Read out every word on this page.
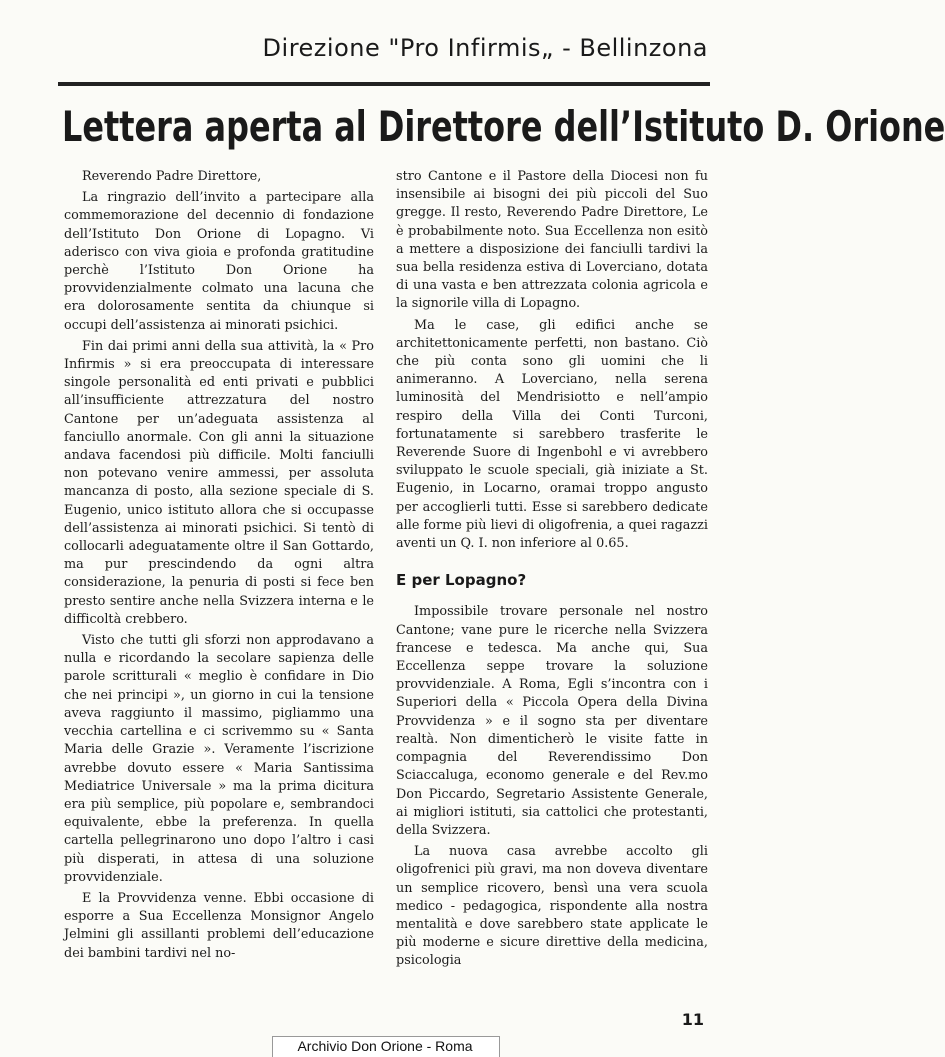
Direzione "Pro Infirmis„ - Bellinzona
Lettera aperta al Direttore dell’Istituto D. Orione

Reverendo Padre Direttore,

La ringrazio dell’invito a partecipare alla commemorazione del decennio di fondazione dell’Istituto Don Orione di Lopagno. Vi aderisco con viva gioia e profonda gratitudine perchè l’Istituto Don Orione ha provvidenzialmente colmato una lacuna che era dolorosamente sentita da chiunque si occupi dell’assistenza ai minorati psichici.

Fin dai primi anni della sua attività, la « Pro Infirmis » si era preoccupata di interessare singole personalità ed enti privati e pubblici all’insufficiente attrezzatura del nostro Cantone per un’adeguata assistenza al fanciullo anormale. Con gli anni la situazione andava facendosi più difficile. Molti fanciulli non potevano venire ammessi, per assoluta mancanza di posto, alla sezione speciale di S. Eugenio, unico istituto allora che si occupasse dell’assistenza ai minorati psichici. Si tentò di collocarli adeguatamente oltre il San Gottardo, ma pur prescindendo da ogni altra considerazione, la penuria di posti si fece ben presto sentire anche nella Svizzera interna e le difficoltà crebbero.

Visto che tutti gli sforzi non approdavano a nulla e ricordando la secolare sapienza delle parole scritturali « meglio è confidare in Dio che nei principi », un giorno in cui la tensione aveva raggiunto il massimo, pigliammo una vecchia cartellina e ci scrivemmo su « Santa Maria delle Grazie ». Veramente l’iscrizione avrebbe dovuto essere « Maria Santissima Mediatrice Universale » ma la prima dicitura era più semplice, più popolare e, sembrandoci equivalente, ebbe la preferenza. In quella cartella pellegrinarono uno dopo l’altro i casi più disperati, in attesa di una soluzione provvidenziale.

E la Provvidenza venne. Ebbi occasione di esporre a Sua Eccellenza Monsignor Angelo Jelmini gli assillanti problemi dell’educazione dei bambini tardivi nel no-

stro Cantone e il Pastore della Diocesi non fu insensibile ai bisogni dei più piccoli del Suo gregge. Il resto, Reverendo Padre Direttore, Le è probabilmente noto. Sua Eccellenza non esitò a mettere a disposizione dei fanciulli tardivi la sua bella residenza estiva di Loverciano, dotata di una vasta e ben attrezzata colonia agricola e la signorile villa di Lopagno.

Ma le case, gli edifici anche se architettonicamente perfetti, non bastano. Ciò che più conta sono gli uomini che li animeranno. A Loverciano, nella serena luminosità del Mendrisiotto e nell’ampio respiro della Villa dei Conti Turconi, fortunatamente si sarebbero trasferite le Reverende Suore di Ingenbohl e vi avrebbero sviluppato le scuole speciali, già iniziate a St. Eugenio, in Locarno, oramai troppo angusto per accoglierli tutti. Esse si sarebbero dedicate alle forme più lievi di oligofrenia, a quei ragazzi aventi un Q. I. non inferiore al 0.65.

E per Lopagno?

Impossibile trovare personale nel nostro Cantone; vane pure le ricerche nella Svizzera francese e tedesca. Ma anche qui, Sua Eccellenza seppe trovare la soluzione provvidenziale. A Roma, Egli s’incontra con i Superiori della « Piccola Opera della Divina Provvidenza » e il sogno sta per diventare realtà. Non dimenticherò le visite fatte in compagnia del Reverendissimo Don Sciaccaluga, economo generale e del Rev.mo Don Piccardo, Segretario Assistente Generale, ai migliori istituti, sia cattolici che protestanti, della Svizzera.

La nuova casa avrebbe accolto gli oligofrenici più gravi, ma non doveva diventare un semplice ricovero, bensì una vera scuola medico - pedagogica, rispondente alla nostra mentalità e dove sarebbero state applicate le più moderne e sicure direttive della medicina, psicologia

11
Archivio Don Orione - Roma
